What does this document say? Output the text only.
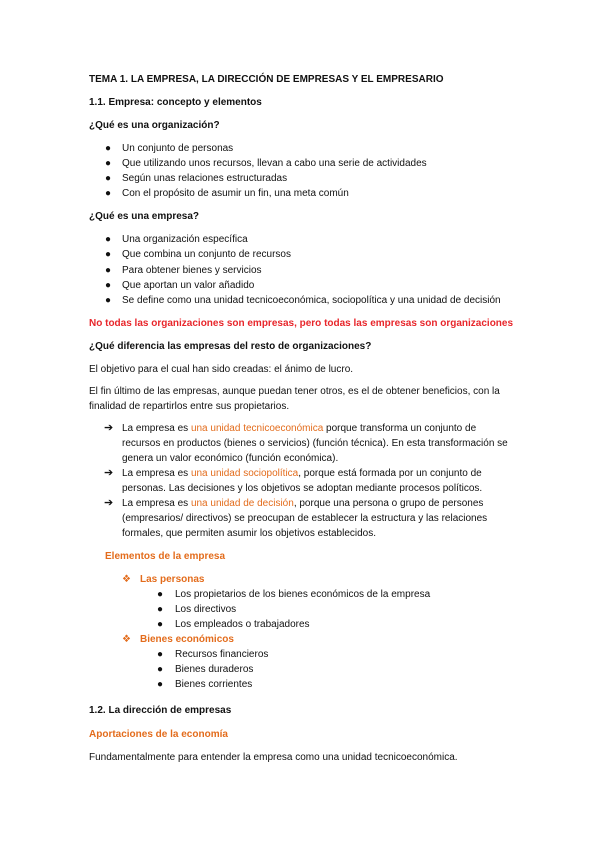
TEMA 1. LA EMPRESA, LA DIRECCIÓN DE EMPRESAS Y EL EMPRESARIO
1.1. Empresa: concepto y elementos
¿Qué es una organización?
● Un conjunto de personas
● Que utilizando unos recursos, llevan a cabo una serie de actividades
● Según unas relaciones estructuradas
● Con el propósito de asumir un fin, una meta común
¿Qué es una empresa?
● Una organización específica
● Que combina un conjunto de recursos
● Para obtener bienes y servicios
● Que aportan un valor añadido
● Se define como una unidad tecnicoeconómica, sociopolítica y una unidad de decisión
No todas las organizaciones son empresas, pero todas las empresas son organizaciones
¿Qué diferencia las empresas del resto de organizaciones?
El objetivo para el cual han sido creadas: el ánimo de lucro.
El fin último de las empresas, aunque puedan tener otros, es el de obtener beneficios, con la
finalidad de repartirlos entre sus propietarios.
➔ La empresa es una unidad tecnicoeconómica porque transforma un conjunto de
recursos en productos (bienes o servicios) (función técnica). En esta transformación se
genera un valor económico (función económica).
➔ La empresa es una unidad sociopolítica, porque está formada por un conjunto de
personas. Las decisiones y los objetivos se adoptan mediante procesos políticos.
➔ La empresa es una unidad de decisión, porque una persona o grupo de persones
(empresarios/ directivos) se preocupan de establecer la estructura y las relaciones
formales, que permiten asumir los objetivos establecidos.
Elementos de la empresa
❖ Las personas
● Los propietarios de los bienes económicos de la empresa
● Los directivos
● Los empleados o trabajadores
❖ Bienes económicos
● Recursos financieros
● Bienes duraderos
● Bienes corrientes
1.2. La dirección de empresas
Aportaciones de la economía
Fundamentalmente para entender la empresa como una unidad tecnicoeconómica.
